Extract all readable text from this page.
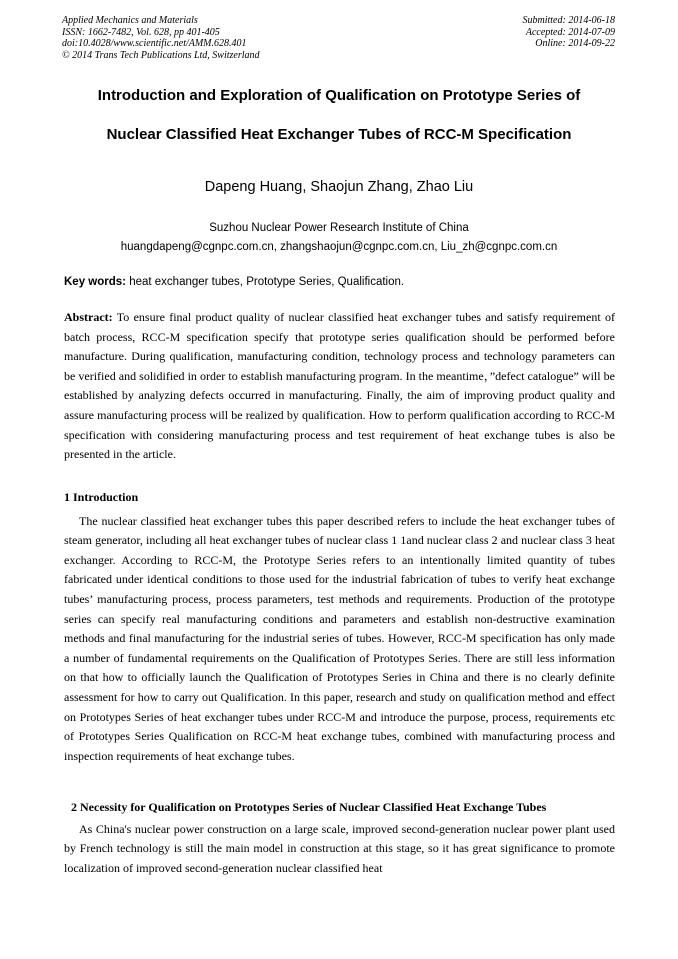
Applied Mechanics and Materials
ISSN: 1662-7482, Vol. 628, pp 401-405
doi:10.4028/www.scientific.net/AMM.628.401
© 2014 Trans Tech Publications Ltd, Switzerland
Submitted: 2014-06-18
Accepted: 2014-07-09
Online: 2014-09-22
Introduction and Exploration of Qualification on Prototype Series of
Nuclear Classified Heat Exchanger Tubes of RCC-M Specification
Dapeng Huang, Shaojun Zhang, Zhao Liu
Suzhou Nuclear Power Research Institute of China
huangdapeng@cgnpc.com.cn, zhangshaojun@cgnpc.com.cn, Liu_zh@cgnpc.com.cn
Key words: heat exchanger tubes, Prototype Series, Qualification.
Abstract: To ensure final product quality of nuclear classified heat exchanger tubes and satisfy requirement of batch process, RCC-M specification specify that prototype series qualification should be performed before manufacture. During qualification, manufacturing condition, technology process and technology parameters can be verified and solidified in order to establish manufacturing program. In the meantime，”defect catalogue” will be established by analyzing defects occurred in manufacturing. Finally, the aim of improving product quality and assure manufacturing process will be realized by qualification. How to perform qualification according to RCC-M specification with considering manufacturing process and test requirement of heat exchange tubes is also be presented in the article.
1 Introduction
The nuclear classified heat exchanger tubes this paper described refers to include the heat exchanger tubes of steam generator, including all heat exchanger tubes of nuclear class 1 1and nuclear class 2 and nuclear class 3 heat exchanger. According to RCC-M, the Prototype Series refers to an intentionally limited quantity of tubes fabricated under identical conditions to those used for the industrial fabrication of tubes to verify heat exchange tubes’ manufacturing process, process parameters, test methods and requirements. Production of the prototype series can specify real manufacturing conditions and parameters and establish non-destructive examination methods and final manufacturing for the industrial series of tubes. However, RCC-M specification has only made a number of fundamental requirements on the Qualification of Prototypes Series. There are still less information on that how to officially launch the Qualification of Prototypes Series in China and there is no clearly definite assessment for how to carry out Qualification. In this paper, research and study on qualification method and effect on Prototypes Series of heat exchanger tubes under RCC-M and introduce the purpose, process, requirements etc of Prototypes Series Qualification on RCC-M heat exchange tubes, combined with manufacturing process and inspection requirements of heat exchange tubes.
2 Necessity for Qualification on Prototypes Series of Nuclear Classified Heat Exchange Tubes
As China's nuclear power construction on a large scale, improved second-generation nuclear power plant used by French technology is still the main model in construction at this stage, so it has great significance to promote localization of improved second-generation nuclear classified heat
